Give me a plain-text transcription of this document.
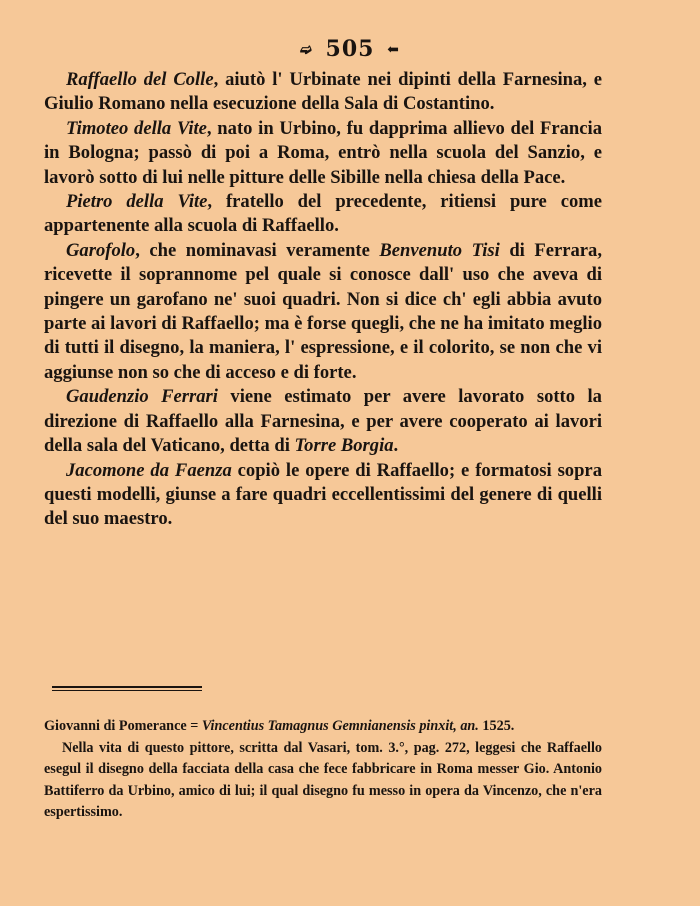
➫ 505 ⬅

Raffaello del Colle, aiutò l' Urbinate nei dipinti della Farnesina, e Giulio Romano nella esecuzione della Sala di Costantino.

Timoteo della Vite, nato in Urbino, fu dapprima allievo del Francia in Bologna; passò di poi a Roma, entrò nella scuola del Sanzio, e lavorò sotto di lui nelle pitture delle Sibille nella chiesa della Pace.

Pietro della Vite, fratello del precedente, ritiensi pure come appartenente alla scuola di Raffaello.

Garofolo, che nominavasi veramente Benvenuto Tisi di Ferrara, ricevette il soprannome pel quale si conosce dall' uso che aveva di pingere un garofano ne' suoi quadri. Non si dice ch' egli abbia avuto parte ai lavori di Raffaello; ma è forse quegli, che ne ha imitato meglio di tutti il disegno, la maniera, l' espressione, e il colorito, se non che vi aggiunse non so che di acceso e di forte.

Gaudenzio Ferrari viene estimato per avere lavorato sotto la direzione di Raffaello alla Farnesina, e per avere cooperato ai lavori della sala del Vaticano, detta di Torre Borgia.

Jacomone da Faenza copiò le opere di Raffaello; e formatosi sopra questi modelli, giunse a fare quadri eccellentissimi del genere di quelli del suo maestro.

Giovanni di Pomerance = Vincentius Tamagnus Gemnianensis pinxit, an. 1525.

Nella vita di questo pittore, scritta dal Vasari, tom. 3.°, pag. 272, leggesi che Raffaello esegul il disegno della facciata della casa che fece fabbricare in Roma messer Gio. Antonio Battiferro da Urbino, amico di lui; il qual disegno fu messo in opera da Vincenzo, che n'era espertissimo.
